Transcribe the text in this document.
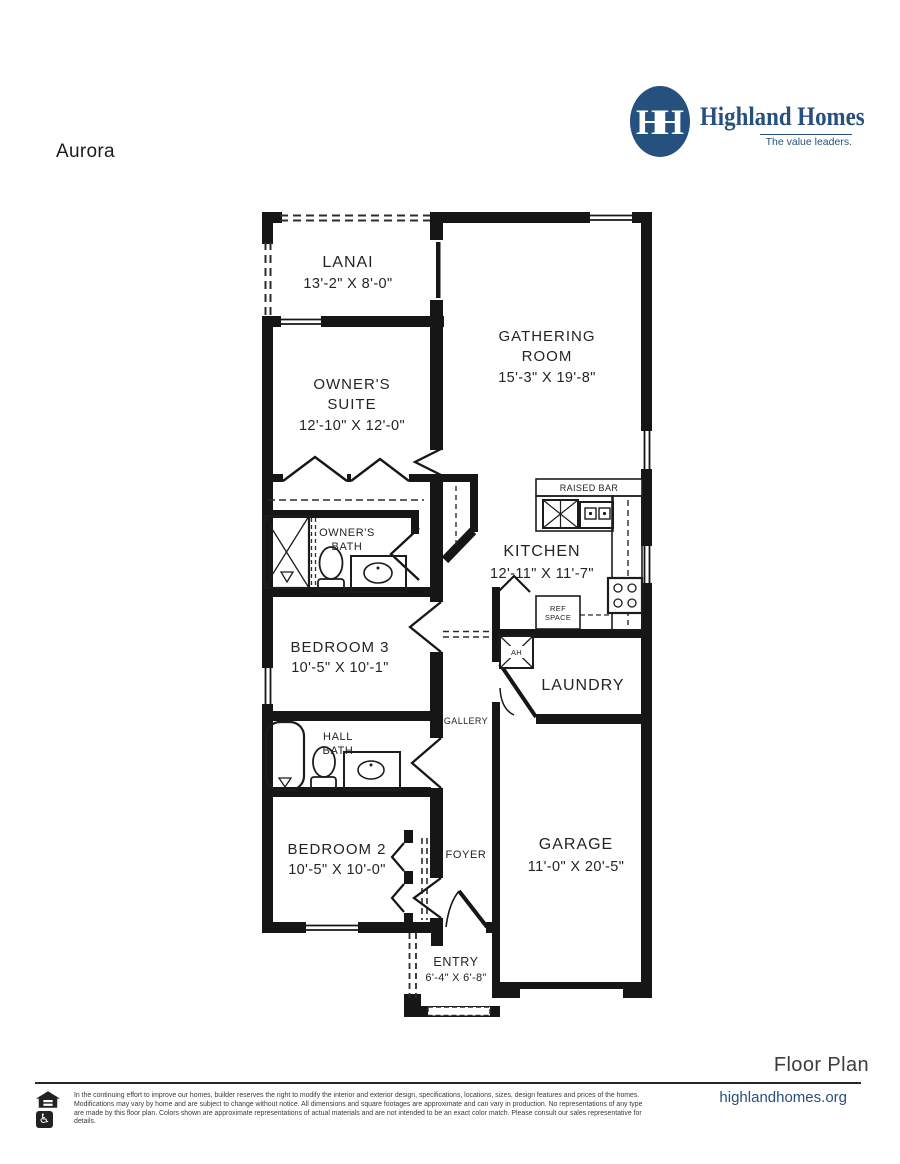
Aurora
HH Highland Homes
The value leaders.
LANAI
13'-2" X 8'-0"
GATHERING
ROOM
15'-3" X 19'-8"
OWNER'S
SUITE
12'-10" X 12'-0"
OWNER'S
BATH	KITCHEN
12'-11" X 11'-7"
RAISED BAR
REF
SPACE
BEDROOM 3
10'-5" X 10'-1"
HALL
BATH
GALLERY
LAUNDRY
AH
BEDROOM 2
10'-5" X 10'-0"
FOYER
GARAGE
11'-0" X 20'-5"
ENTRY
6'-4" X 6'-8"
Floor Plan
highlandhomes.org
♿
In the continuing effort to improve our homes, builder reserves the right to modify the interior and exterior design, specifications, locations, sizes, design features and prices of the homes.
Modifications may vary by home and are subject to change without notice. All dimensions and square footages are approximate and can vary in production. No representations of any type
are made by this floor plan. Colors shown are approximate representations of actual materials and are not intended to be an exact color match. Please consult our sales representative for
details.
